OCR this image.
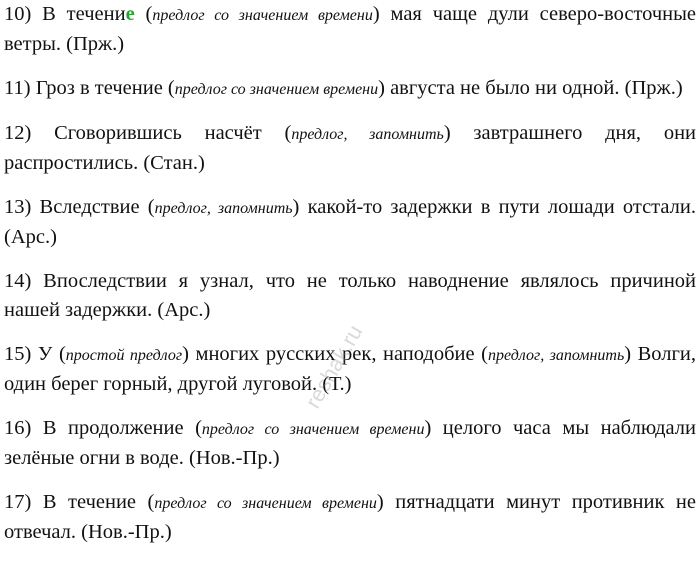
10) В течение (предлог со значением времени) мая чаще дули северо-восточные ветры. (Прж.)

11) Гроз в течение (предлог со значением времени) августа не было ни одной. (Прж.)

12) Сговорившись насчёт (предлог, запомнить) завтрашнего дня, они распростились. (Стан.)

13) Вследствие (предлог, запомнить) какой-то задержки в пути лошади отстали. (Арс.)

14) Впоследствии я узнал, что не только наводнение являлось причиной нашей задержки. (Арс.)

15) У (простой предлог) многих русских рек, наподобие (предлог, запомнить) Волги, один берег горный, другой луговой. (Т.)

16) В продолжение (предлог со значением времени) целого часа мы наблюдали зелёные огни в воде. (Нов.-Пр.)

17) В течение (предлог со значением времени) пятнадцати минут противник не отвечал. (Нов.-Пр.)

reshak.ru
